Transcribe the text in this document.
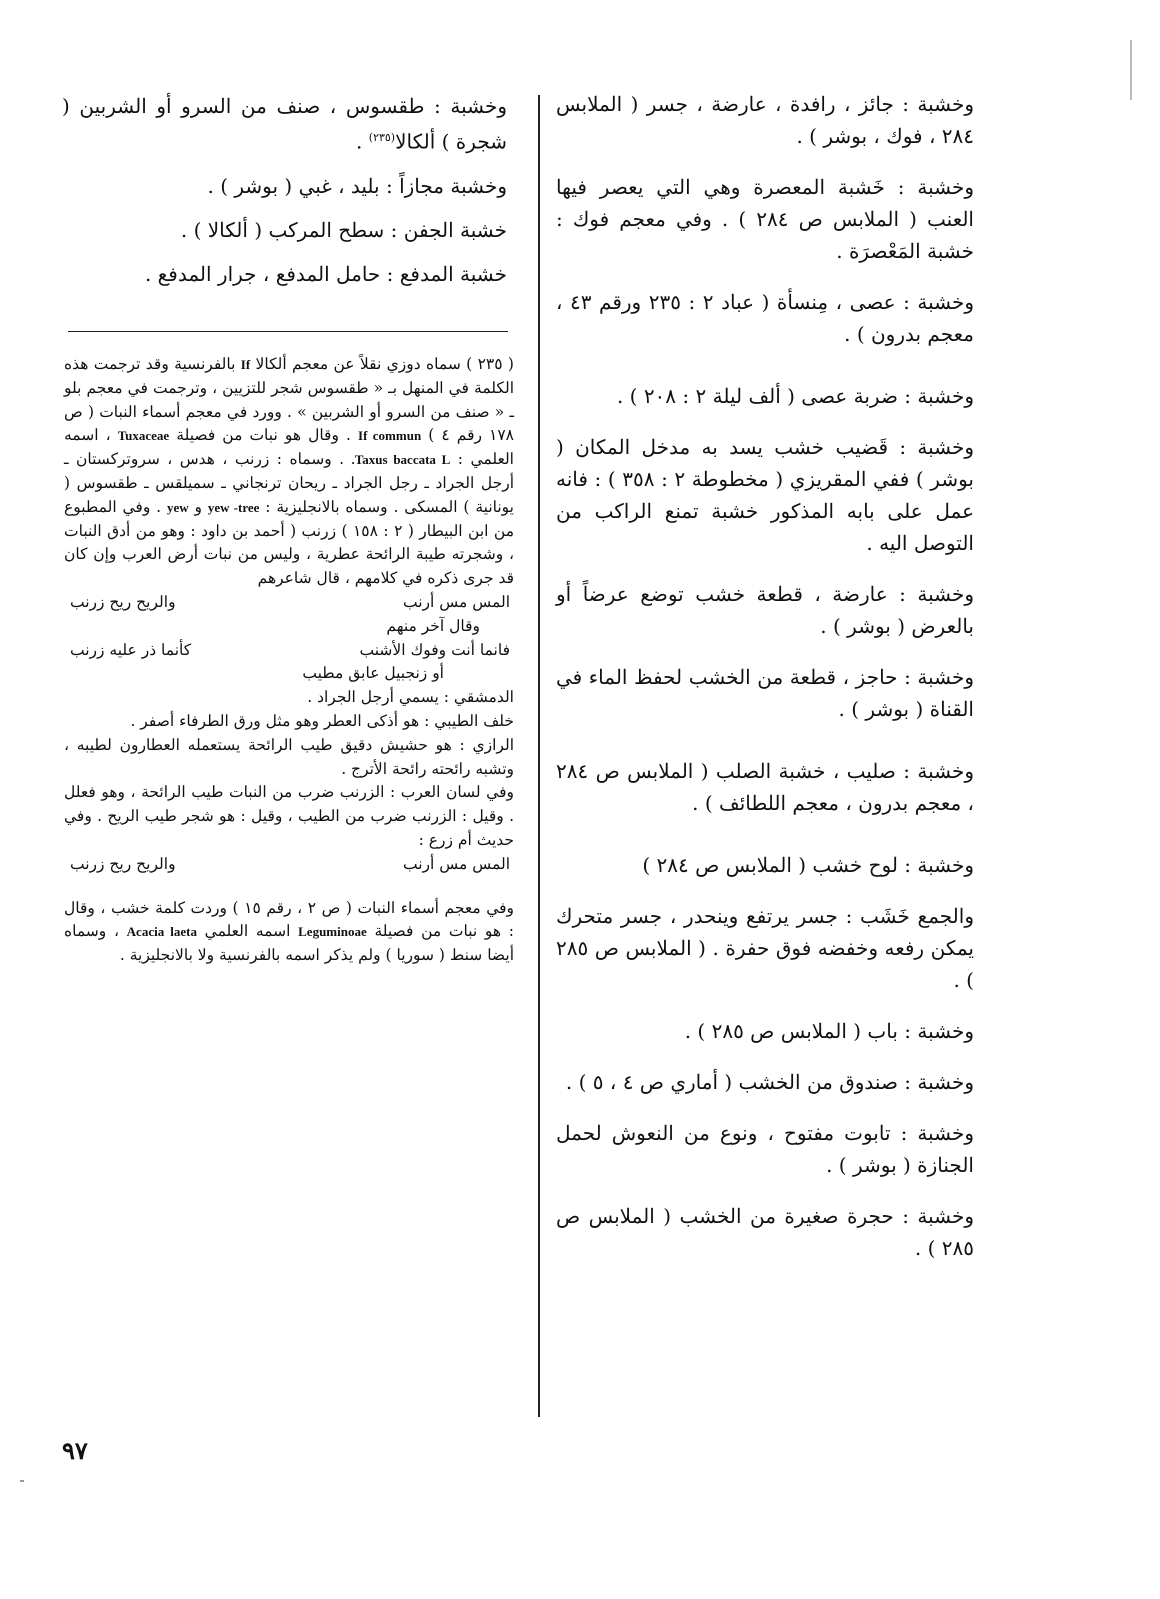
وخشبة : جائز ، رافدة ، عارضة ، جسر ( الملابس ٢٨٤ ، فوك ، بوشر ) .

وخشبة : خَشبة المعصرة وهي التي يعصر فيها العنب ( الملابس ص ٢٨٤ ) . وفي معجم فوك : خشبة المَعْصرَة .

وخشبة : عصى ، مِنسأة ( عباد ٢ : ٢٣٥ ورقم ٤٣ ، معجم بدرون ) .

وخشبة : ضربة عصى ( ألف ليلة ٢ : ٢٠٨ ) .

وخشبة : قَضيب خشب يسد به مدخل المكان ( بوشر ) ففي المقريزي ( مخطوطة ٢ : ٣٥٨ ) : فانه عمل على بابه المذكور خشبة تمنع الراكب من التوصل اليه .

وخشبة : عارضة ، قطعة خشب توضع عرضاً أو بالعرض ( بوشر ) .

وخشبة : حاجز ، قطعة من الخشب لحفظ الماء في القناة ( بوشر ) .

وخشبة : صليب ، خشبة الصلب ( الملابس ص ٢٨٤ ، معجم بدرون ، معجم اللطائف ) .

وخشبة : لوح خشب ( الملابس ص ٢٨٤ )

والجمع خَشَب : جسر يرتفع وينحدر ، جسر متحرك يمكن رفعه وخفضه فوق حفرة . ( الملابس ص ٢٨٥ ) .

وخشبة : باب ( الملابس ص ٢٨٥ ) .

وخشبة : صندوق من الخشب ( أماري ص ٤ ، ٥ ) .

وخشبة : تابوت مفتوح ، ونوع من النعوش لحمل الجنازة ( بوشر ) .

وخشبة : حجرة صغيرة من الخشب ( الملابس ص ٢٨٥ ) .

وخشبة : طقسوس ، صنف من السرو أو الشربين ( شجرة ) ألكالا$^{(٢٣٥)}$ .

وخشبة مجازاً : بليد ، غبي ( بوشر ) .

خشبة الجفن : سطح المركب ( ألكالا ) .

خشبة المدفع : حامل المدفع ، جرار المدفع .

( ٢٣٥ ) سماه دوزي نقلاً عن معجم ألكالا If بالفرنسية وقد ترجمت هذه الكلمة في المنهل بـ « طقسوس شجر للتزيين ، وترجمت في معجم بلو ـ « صنف من السرو أو الشربين » . وورد في معجم أسماء النبات ( ص ١٧٨ رقم ٤ ) If commun . وقال هو نبات من فصيلة Tuxaceae ، اسمه العلمي : Taxus baccata L. . وسماه : زرنب ، هدس ، سروتركستان ـ أرجل الجراد ـ رجل الجراد ـ ريحان ترنجاني ـ سميلقس ـ طقسوس ( يونانية ) المسكى . وسماه بالانجليزية : yew -tree و yew . وفي المطبوع من ابن البيطار ( ٢ : ١٥٨ ) زرنب ( أحمد بن داود : وهو من أدق النبات ، وشجرته طيبة الرائحة عطرية ، وليس من نبات أرض العرب وإن كان قد جرى ذكره في كلامهم ، قال شاعرهم

المس مس أرنب
والريح ريح زرنب

وقال آخر منهم

فانما أنت وفوك الأشنب
كأنما ذر عليه زرنب

أو زنجبيل عابق مطيب

الدمشقي : يسمي أرجل الجراد .

خلف الطيبي : هو أذكى العطر وهو مثل ورق الطرفاء أصفر .

الرازي : هو حشيش دقيق طيب الرائحة يستعمله العطارون لطيبه ، وتشبه رائحته رائحة الأترج .

وفي لسان العرب : الزرنب ضرب من النبات طيب الرائحة ، وهو فعلل . وقيل : الزرنب ضرب من الطيب ، وقيل : هو شجر طيب الريح . وفي حديث أم زرع :

المس مس أرنب
والريح ريح زرنب

وفي معجم أسماء النبات ( ص ٢ ، رقم ١٥ ) وردت كلمة خشب ، وقال : هو نبات من فصيلة Leguminoae اسمه العلمي Acacia laeta ، وسماه أيضا سنط ( سوريا ) ولم يذكر اسمه بالفرنسية ولا بالانجليزية .

٩٧
